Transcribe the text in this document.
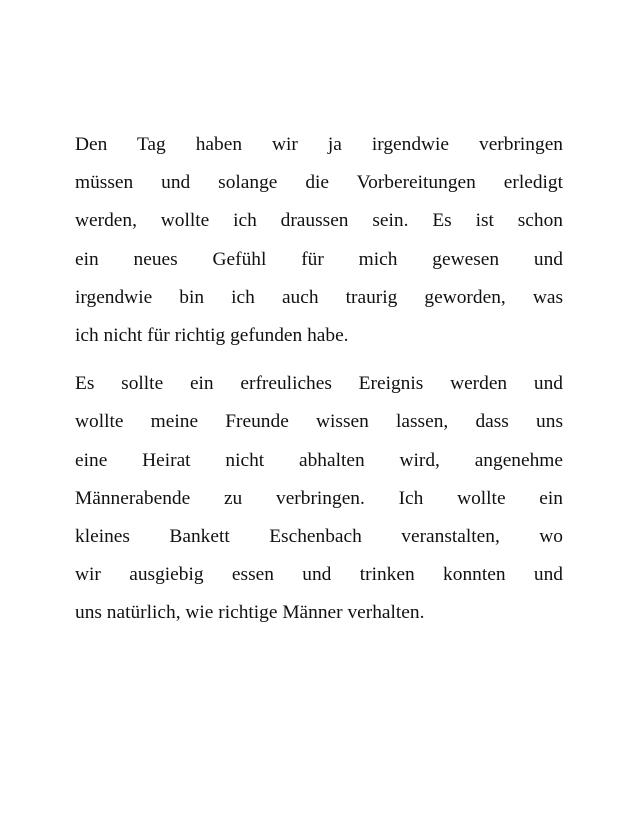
Den Tag haben wir ja irgendwie verbringen
müssen und solange die Vorbereitungen erledigt
werden, wollte ich draussen sein. Es ist schon
ein neues Gefühl für mich gewesen und
irgendwie bin ich auch traurig geworden, was
ich nicht für richtig gefunden habe.
Es sollte ein erfreuliches Ereignis werden und
wollte meine Freunde wissen lassen, dass uns
eine Heirat nicht abhalten wird, angenehme
Männerabende zu verbringen. Ich wollte ein
kleines Bankett Eschenbach veranstalten, wo
wir ausgiebig essen und trinken konnten und
uns natürlich, wie richtige Männer verhalten.
